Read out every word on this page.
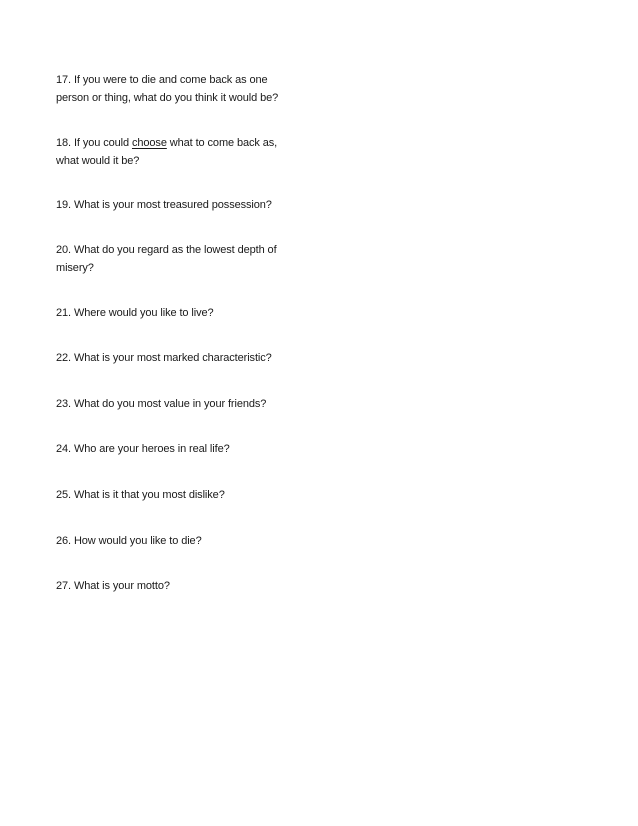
17. If you were to die and come back as one
person or thing, what do you think it would be?

18. If you could choose what to come back as,
what would it be?

19. What is your most treasured possession?

20. What do you regard as the lowest depth of
misery?

21. Where would you like to live?

22. What is your most marked characteristic?

23. What do you most value in your friends?

24. Who are your heroes in real life?

25. What is it that you most dislike?

26. How would you like to die?

27. What is your motto?
